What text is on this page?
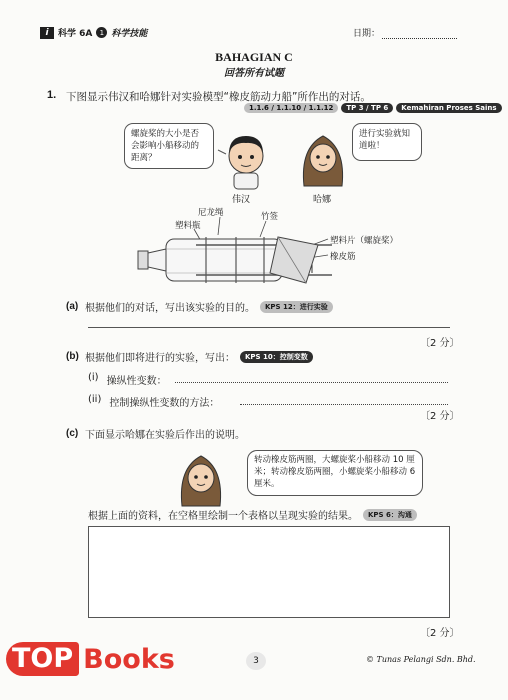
i	科学 6A	1 科学技能	日期：
BAHAGIAN C
回答所有试题
1. 下图显示伟汉和哈娜针对实验模型“橡皮筋动力船”所作出的对话。
1.1.6 / 1.1.10 / 1.1.12	TP 3 / TP 6	Kemahiran Proses Sains
螺旋桨的大小是否会影响小船移动的距离？
伟汉
进行实验就知道啦！
哈娜
塑料瓶
尼龙绳	竹签
塑料片（螺旋桨）
橡皮筋
(a) 根据他们的对话，写出该实验的目的。	KPS 12：进行实验
〔2 分〕
(b) 根据他们即将进行的实验，写出：	KPS 10：控制变数
(i) 操纵性变数：
(ii) 控制操纵性变数的方法：
〔2 分〕
(c) 下面显示哈娜在实验后作出的说明。
转动橡皮筋两圈，大螺旋桨小船移动 10 厘米；转动橡皮筋两圈，小螺旋桨小船移动 6 厘米。
根据上面的资料，在空格里绘制一个表格以呈现实验的结果。	KPS 6：沟通
〔2 分〕
3	© Tunas Pelangi Sdn. Bhd.
TOP Books
